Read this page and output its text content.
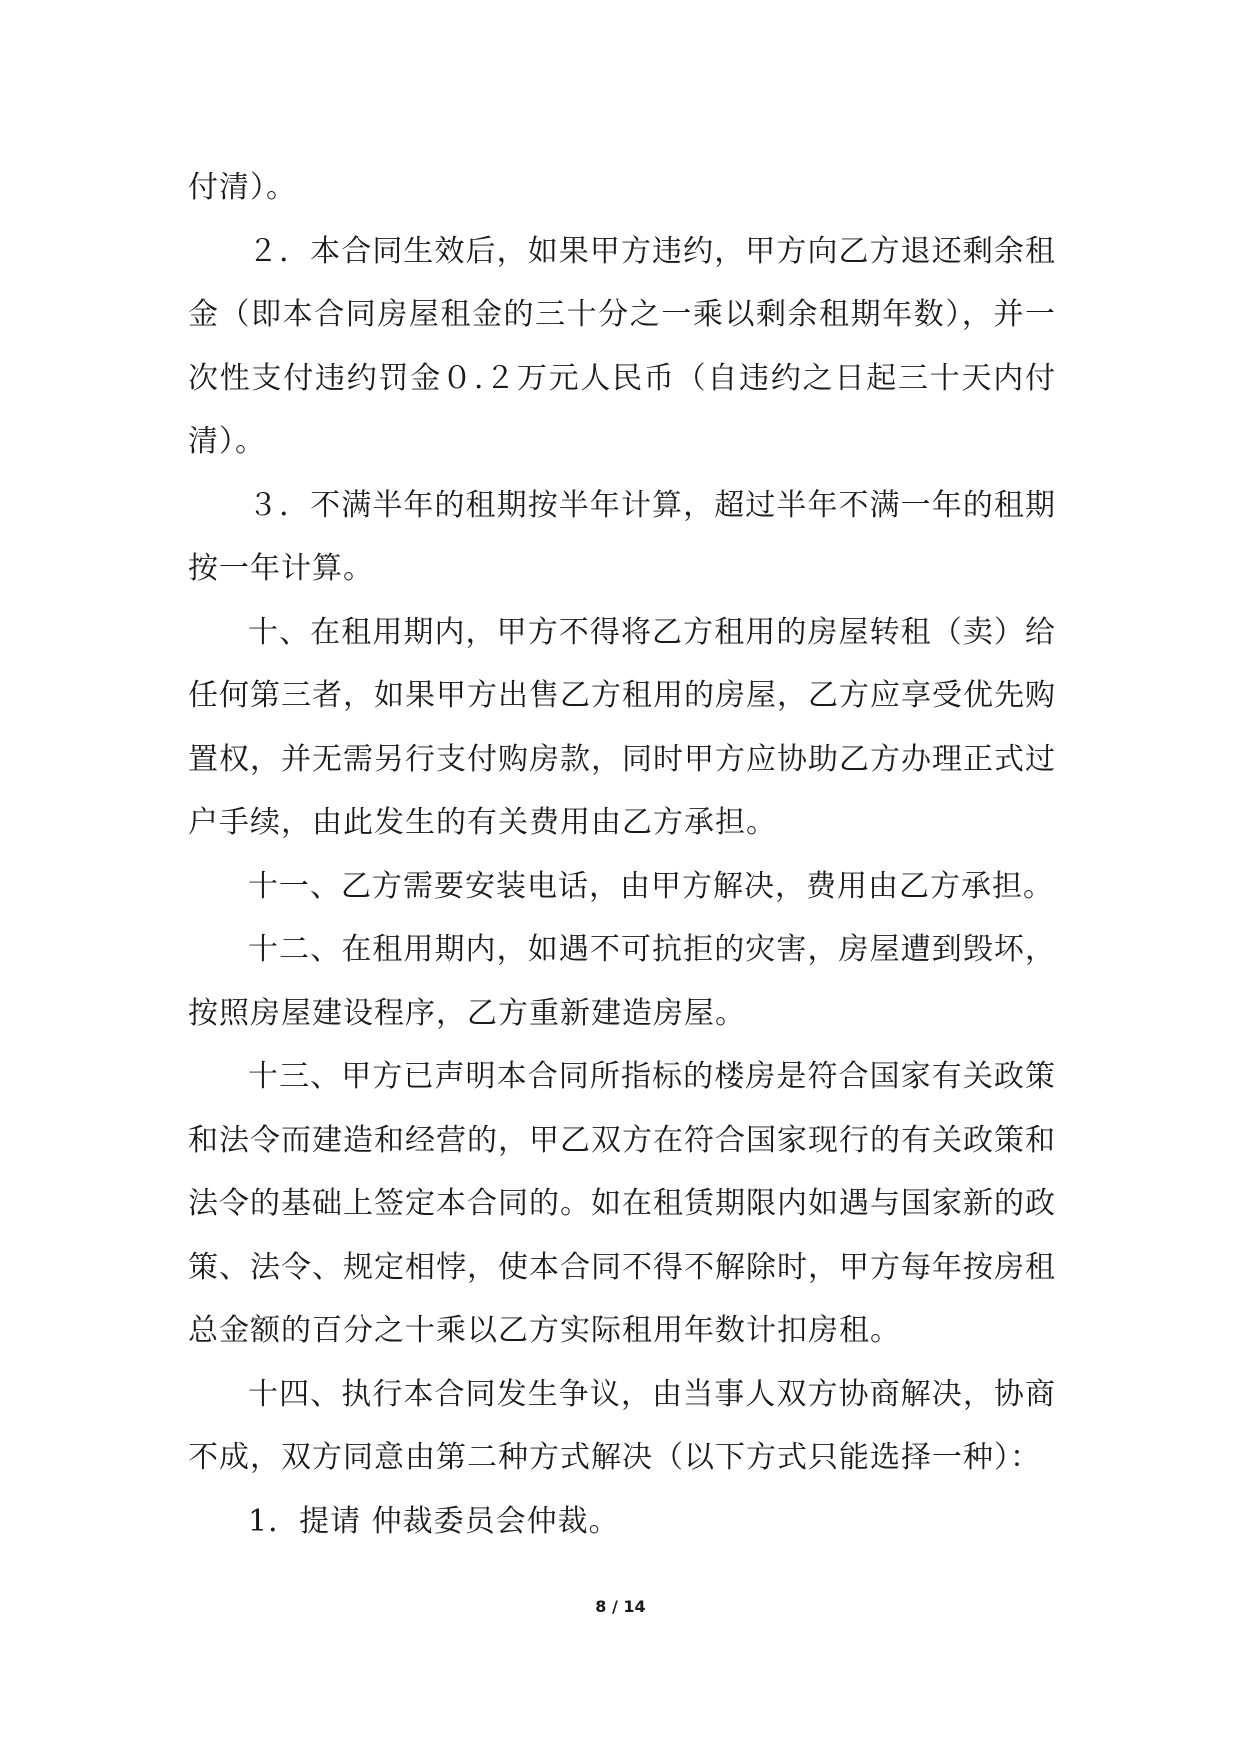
付清）。

２．本合同生效后，如果甲方违约，甲方向乙方退还剩余租金（即本合同房屋租金的三十分之一乘以剩余租期年数），并一次性支付违约罚金０.２万元人民币（自违约之日起三十天内付清）。

３．不满半年的租期按半年计算，超过半年不满一年的租期按一年计算。

十、在租用期内，甲方不得将乙方租用的房屋转租（卖）给任何第三者，如果甲方出售乙方租用的房屋，乙方应享受优先购置权，并无需另行支付购房款，同时甲方应协助乙方办理正式过户手续，由此发生的有关费用由乙方承担。

十一、乙方需要安装电话，由甲方解决，费用由乙方承担。

十二、在租用期内，如遇不可抗拒的灾害，房屋遭到毁坏，按照房屋建设程序，乙方重新建造房屋。

十三、甲方已声明本合同所指标的楼房是符合国家有关政策和法令而建造和经营的，甲乙双方在符合国家现行的有关政策和法令的基础上签定本合同的。如在租赁期限内如遇与国家新的政策、法令、规定相悖，使本合同不得不解除时，甲方每年按房租总金额的百分之十乘以乙方实际租用年数计扣房租。

十四、执行本合同发生争议，由当事人双方协商解决，协商不成，双方同意由第二种方式解决（以下方式只能选择一种）：

1．提请 仲裁委员会仲裁。

8 / 14
